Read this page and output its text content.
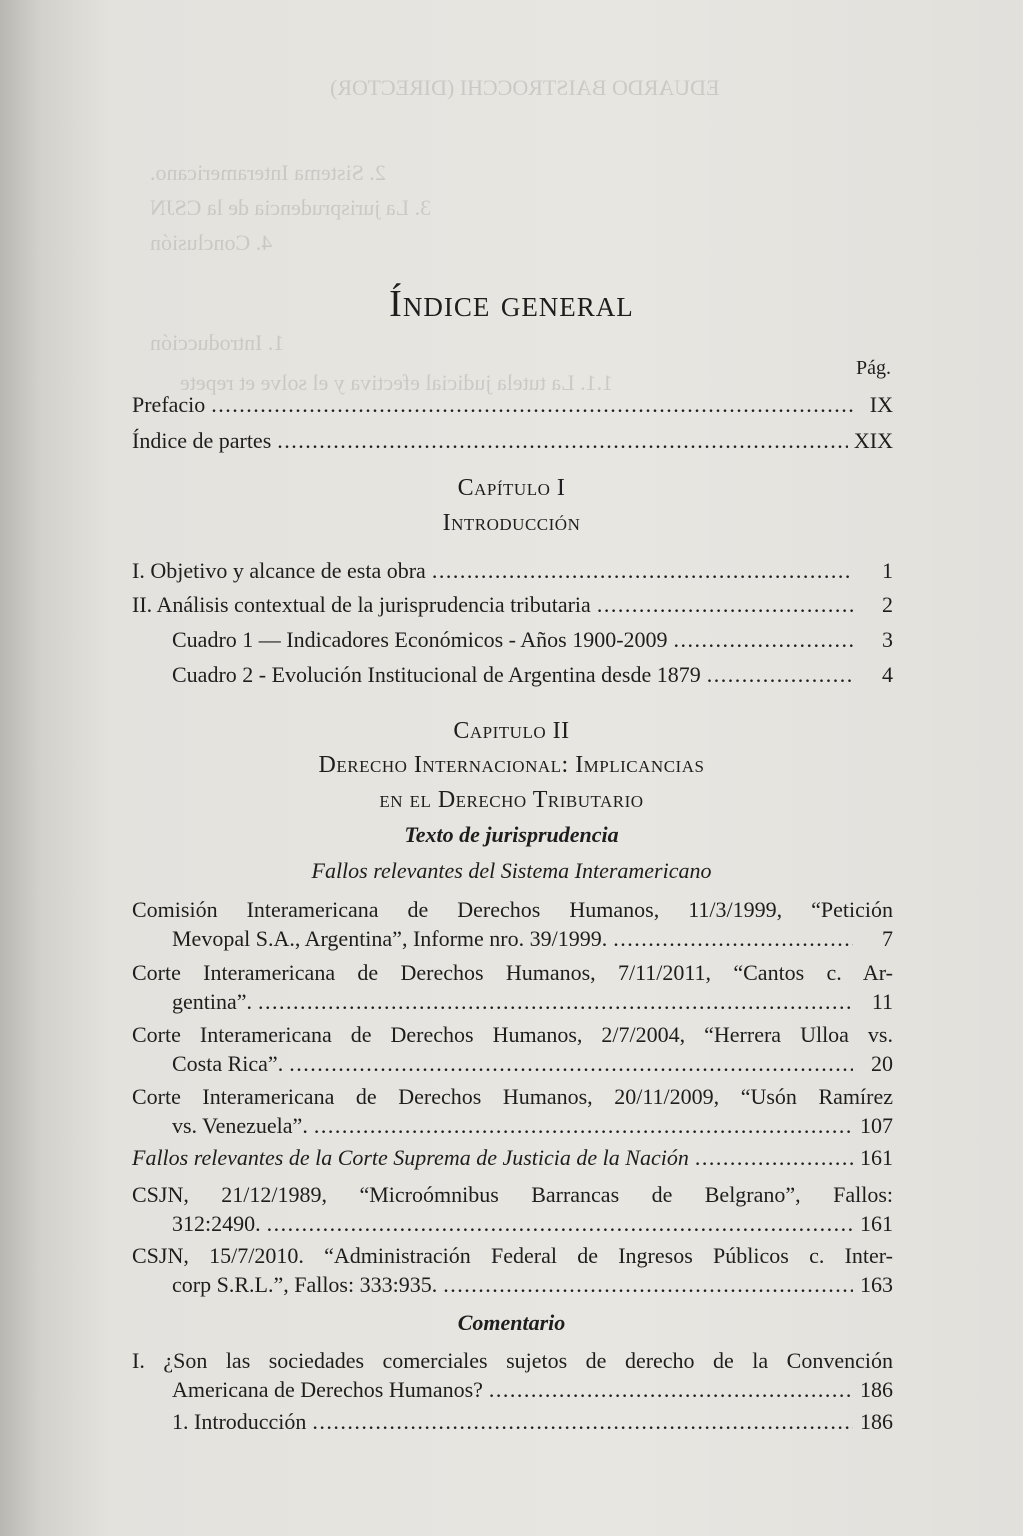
EDUARDO BAISTROCCHI (DIRECTOR)
2. Sistema Interamericano.
3. La jurisprudencia de la CSJN
4. Conclusión
1. Introducción
1.1. La tutela judicial efectiva y el solve et repete
Índice general
Pág.
Prefacio . . .	IX
Índice de partes . . .	XIX
Capítulo I
Introducción
I. Objetivo y alcance de esta obra . . .	1
II. Análisis contextual de la jurisprudencia tributaria . . .	2
Cuadro 1 — Indicadores Económicos - Años 1900-2009 . . .	3
Cuadro 2 - Evolución Institucional de Argentina desde 1879 . . .	4
Capitulo II
Derecho Internacional: Implicancias
en el Derecho Tributario
Texto de jurisprudencia
Fallos relevantes del Sistema Interamericano
Comisión Interamericana de Derechos Humanos, 11/3/1999, “Petición
Mevopal S.A., Argentina”, Informe nro. 39/1999. . . .	7
Corte Interamericana de Derechos Humanos, 7/11/2011, “Cantos c. Ar-
gentina”. . . .	11
Corte Interamericana de Derechos Humanos, 2/7/2004, “Herrera Ulloa vs.
Costa Rica”. . . .	20
Corte Interamericana de Derechos Humanos, 20/11/2009, “Usón Ramírez
vs. Venezuela”. . . .	107
Fallos relevantes de la Corte Suprema de Justicia de la Nación . . .	161
CSJN, 21/12/1989, “Microómnibus Barrancas de Belgrano”, Fallos:
312:2490. . . .	161
CSJN, 15/7/2010. “Administración Federal de Ingresos Públicos c. Inter-
corp S.R.L.”, Fallos: 333:935. . . .	163
Comentario
I. ¿Son las sociedades comerciales sujetos de derecho de la Convención
Americana de Derechos Humanos? . . .	186
1. Introducción . . .	186
